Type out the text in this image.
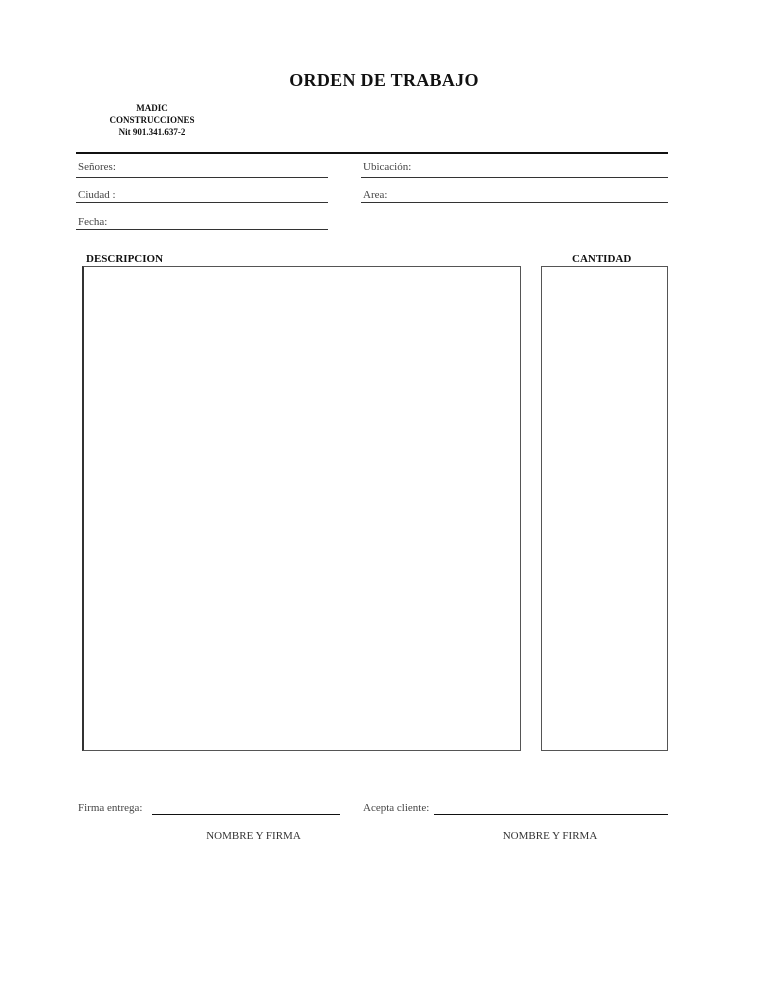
ORDEN DE TRABAJO
MADIC
CONSTRUCCIONES
Nit 901.341.637-2
Señores:	Ubicación:
Ciudad :	Area:
Fecha:
DESCRIPCION	CANTIDAD
Firma entrega:
NOMBRE Y FIRMA
Acepta cliente:
NOMBRE Y FIRMA
